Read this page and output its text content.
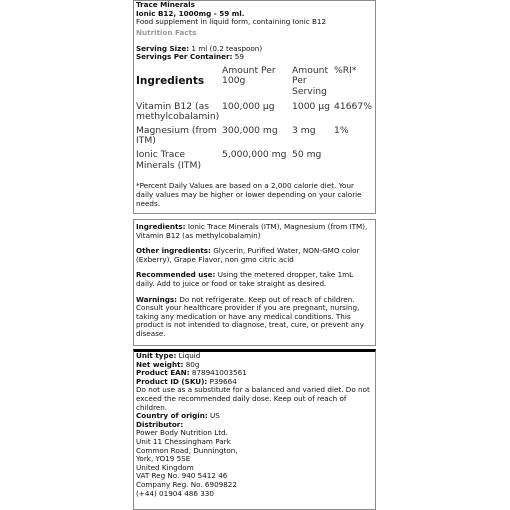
Trace Minerals

Ionic B12, 1000mg - 59 ml.

Food supplement in liquid form, containing Ionic B12

Nutrition Facts

Serving Size: 1 ml (0.2 teaspoon)

Servings Per Container: 59

Ingredients	Amount Per 100g	Amount Per Serving	%RI*
Vitamin B12 (as methylcobalamin)	100,000 µg	1000 µg	41667%
Magnesium (from ITM)	300,000 mg	3 mg	1%
Ionic Trace Minerals (ITM)	5,000,000 mg	50 mg	

*Percent Daily Values are based on a 2,000 calorie diet. Your daily values may be higher or lower depending on your calorie needs.

Ingredients: Ionic Trace Minerals (ITM), Magnesium (from ITM), Vitamin B12 (as methylcobalamin)

Other ingredients: Glycerin, Purified Water, NON-GMO color (Exberry), Grape Flavor, non gmo citric acid

Recommended use: Using the metered dropper, take 1mL daily. Add to juice or food or take straight as desired.

Warnings: Do not refrigerate. Keep out of reach of children. Consult your healthcare provider if you are pregnant, nursing, taking any medication or have any medical conditions. This product is not intended to diagnose, treat, cure, or prevent any disease.

Unit type: Liquid

Net weight: 80g

Product EAN: 878941003561

Product ID (SKU): P39664

Do not use as a substitute for a balanced and varied diet. Do not exceed the recommended daily dose. Keep out of reach of children.

Country of origin: US

Distributor:

Power Body Nutrition Ltd.

Unit 11 Chessingham Park

Common Road, Dunnington,

York, YO19 5SE

United Kingdom

VAT Reg No. 940 5412 46

Company Reg. No. 6909822

(+44) 01904 486 330
